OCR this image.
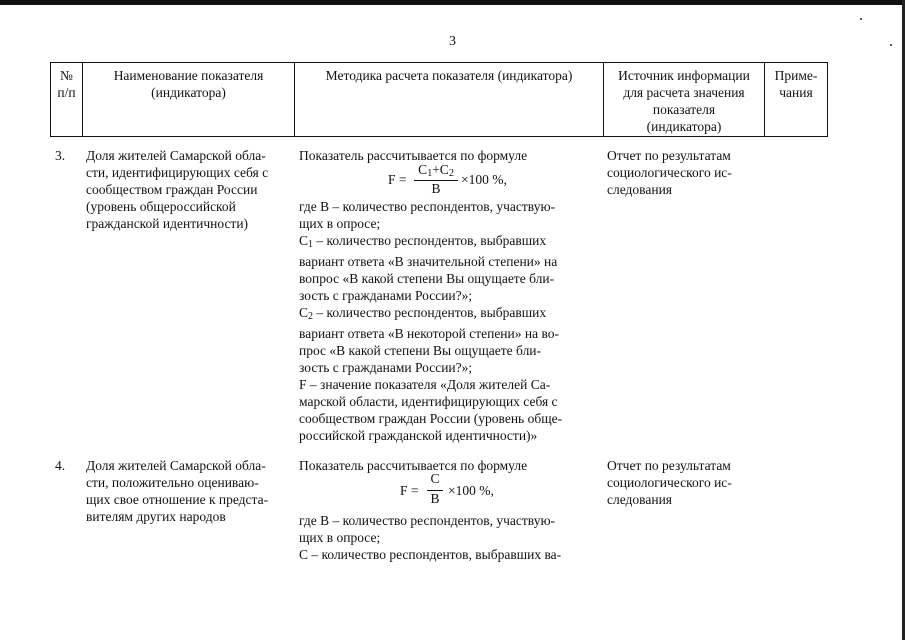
3
№
п/п
Наименование показателя
(индикатора)
Методика расчета показателя (индикатора)	Источник информации
для расчета значения
показателя
(индикатора)
Приме-
чания
3. Доля жителей Самарской обла-
сти, идентифицирующих себя с
сообществом граждан России
(уровень общероссийской
гражданской идентичности)
Показатель рассчитывается по формуле
F =
$C_1+C_2$
B
×100 %,
где В – количество респондентов, участвую-
щих в опросе;
$С_1$ – количество респондентов, выбравших
вариант ответа «В значительной степени» на
вопрос «В какой степени Вы ощущаете бли-
зость с гражданами России?»;
$С_2$ – количество респондентов, выбравших
вариант ответа «В некоторой степени» на во-
прос «В какой степени Вы ощущаете бли-
зость с гражданами России?»;
F – значение показателя «Доля жителей Са-
марской области, идентифицирующих себя с
сообществом граждан России (уровень обще-
российской гражданской идентичности)»
Отчет по результатам
социологического ис-
следования
4. Доля жителей Самарской обла-
сти, положительно оцениваю-
щих свое отношение к предста-
вителям других народов
Показатель рассчитывается по формуле
F =
C
B
×100 %,
где В – количество респондентов, участвую-
щих в опросе;
С – количество респондентов, выбравших ва-
Отчет по результатам
социологического ис-
следования
